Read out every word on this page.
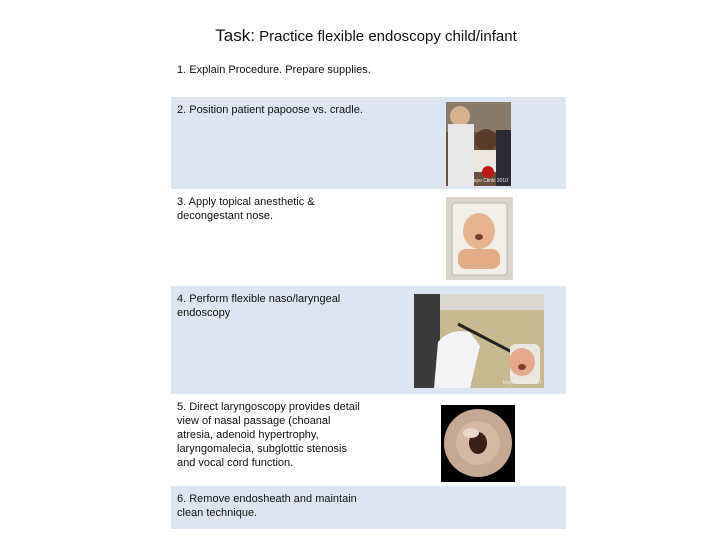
Task: Practice flexible endoscopy child/infant
1. Explain Procedure. Prepare supplies.
2. Position patient papoose vs. cradle.
Mayo Clinic 2010
3. Apply topical anesthetic &
decongestant nose.
4. Perform flexible naso/laryngeal
endoscopy
Mayo Clinic 2010
5. Direct laryngoscopy provides detail
view of nasal passage (choanal
atresia, adenoid hypertrophy,
laryngomalecia, subglottic stenosis
and vocal cord function.
6. Remove endosheath and maintain
clean technique.
